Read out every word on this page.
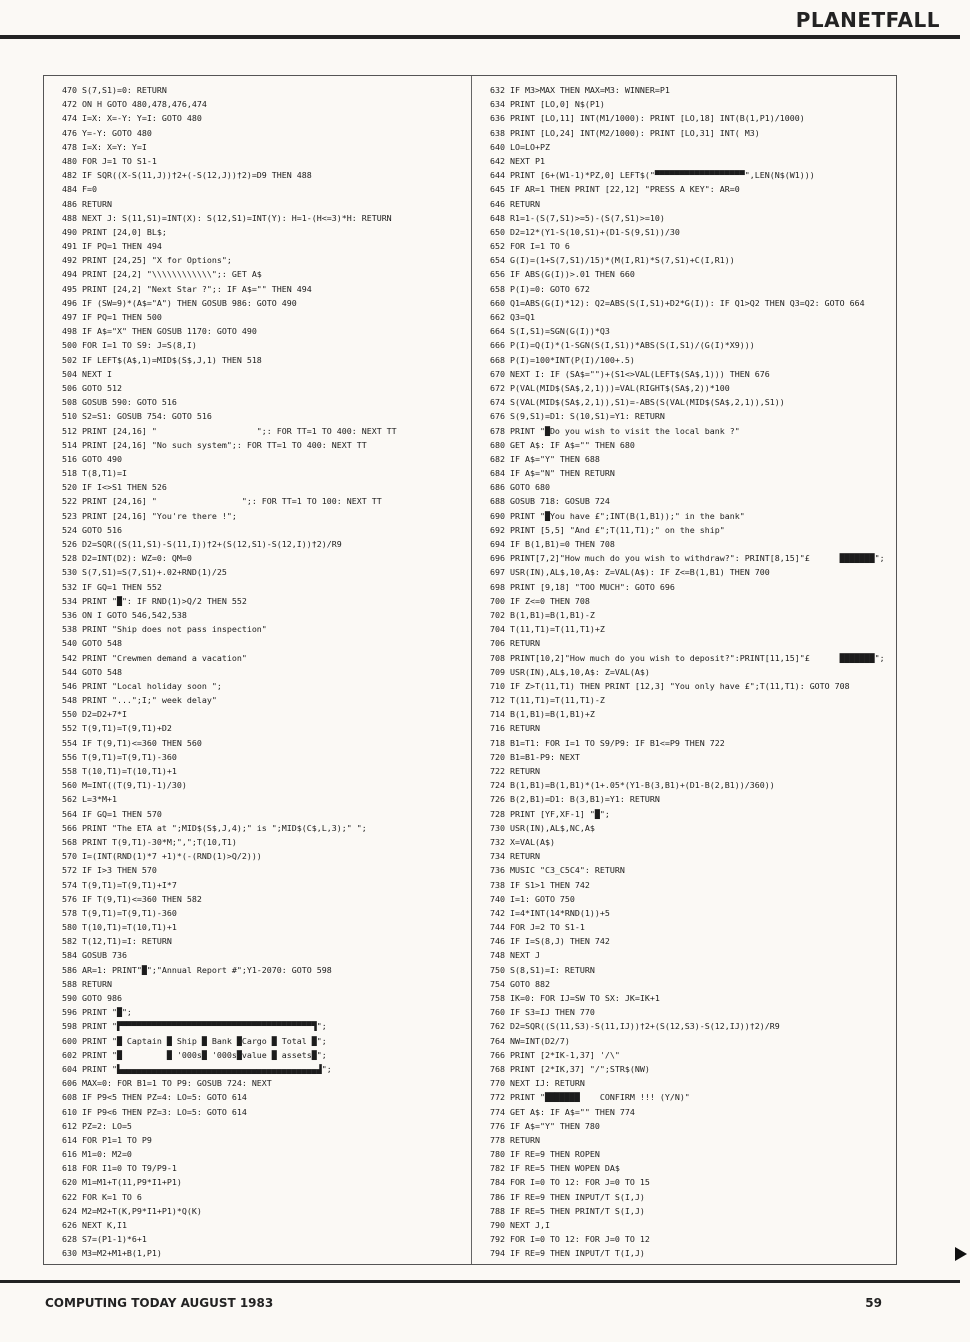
PLANETFALL
470 S(7,S1)=0: RETURN
472 ON H GOTO 480,478,476,474
474 I=X: X=-Y: Y=I: GOTO 480
476 Y=-Y: GOTO 480
478 I=X: X=Y: Y=I
480 FOR J=1 TO S1-1
482 IF SQR((X-S(11,J))†2+(-S(12,J))†2)=D9 THEN 488
484 F=0
486 RETURN
488 NEXT J: S(11,S1)=INT(X): S(12,S1)=INT(Y): H=1-(H<=3)*H: RETURN
490 PRINT [24,0] BL$;
491 IF PQ=1 THEN 494
492 PRINT [24,25] "X for Options";
494 PRINT [24,2] "\\\\\\\\\\\\";: GET A$
495 PRINT [24,2] "Next Star ?";: IF A$="" THEN 494
496 IF (SW=9)*(A$="A") THEN GOSUB 986: GOTO 490
497 IF PQ=1 THEN 500
498 IF A$="X" THEN GOSUB 1170: GOTO 490
500 FOR I=1 TO S9: J=S(8,I)
502 IF LEFT$(A$,1)=MID$(S$,J,1) THEN 518
504 NEXT I
506 GOTO 512
508 GOSUB 590: GOTO 516
510 S2=S1: GOSUB 754: GOTO 516
512 PRINT [24,16] "                    ";: FOR TT=1 TO 400: NEXT TT
514 PRINT [24,16] "No such system";: FOR TT=1 TO 400: NEXT TT
516 GOTO 490
518 T(8,T1)=I
520 IF I<>S1 THEN 526
522 PRINT [24,16] "                 ";: FOR TT=1 TO 100: NEXT TT
523 PRINT [24,16] "You're there !";
524 GOTO 516
526 D2=SQR((S(11,S1)-S(11,I))†2+(S(12,S1)-S(12,I))†2)/R9
528 D2=INT(D2): WZ=0: QM=0
530 S(7,S1)=S(7,S1)+.02+RND(1)/25
532 IF GQ=1 THEN 552
534 PRINT "█": IF RND(1)>Q/2 THEN 552
536 ON I GOTO 546,542,538
538 PRINT "Ship does not pass inspection"
540 GOTO 548
542 PRINT "Crewmen demand a vacation"
544 GOTO 548
546 PRINT "Local holiday soon ";
548 PRINT "...";I;" week delay"
550 D2=D2+7*I
552 T(9,T1)=T(9,T1)+D2
554 IF T(9,T1)<=360 THEN 560
556 T(9,T1)=T(9,T1)-360
558 T(10,T1)=T(10,T1)+1
560 M=INT((T(9,T1)-1)/30)
562 L=3*M+1
564 IF GQ=1 THEN 570
566 PRINT "The ETA at ";MID$(S$,J,4);" is ";MID$(C$,L,3);" ";
568 PRINT T(9,T1)-30*M;",";T(10,T1)
570 I=(INT(RND(1)*7 +1)*(-(RND(1)>Q/2)))
572 IF I>3 THEN 570
574 T(9,T1)=T(9,T1)+I*7
576 IF T(9,T1)<=360 THEN 582
578 T(9,T1)=T(9,T1)-360
580 T(10,T1)=T(10,T1)+1
582 T(12,T1)=I: RETURN
584 GOSUB 736
586 AR=1: PRINT"█";"Annual Report #";Y1-2070: GOTO 598
588 RETURN
590 GOTO 986
596 PRINT "█";
598 PRINT "▛▀▀▀▀▀▀▀▀▀▀▀▀▀▀▀▀▀▀▀▀▀▀▀▀▀▀▀▀▀▀▀▀▀▀▀▀▀▀▜";
600 PRINT "█ Captain █ Ship █ Bank █Cargo █ Total █";
602 PRINT "█         █ '000s█ '000s█value █ assets█";
604 PRINT "▙▄▄▄▄▄▄▄▄▄▄▄▄▄▄▄▄▄▄▄▄▄▄▄▄▄▄▄▄▄▄▄▄▄▄▄▄▄▄▄▟";
606 MAX=0: FOR B1=1 TO P9: GOSUB 724: NEXT
608 IF P9<5 THEN PZ=4: LO=5: GOTO 614
610 IF P9<6 THEN PZ=3: LO=5: GOTO 614
612 PZ=2: LO=5
614 FOR P1=1 TO P9
616 M1=0: M2=0
618 FOR I1=0 TO T9/P9-1
620 M1=M1+T(11,P9*I1+P1)
622 FOR K=1 TO 6
624 M2=M2+T(K,P9*I1+P1)*Q(K)
626 NEXT K,I1
628 S7=(P1-1)*6+1
630 M3=M2+M1+B(1,P1)
632 IF M3>MAX THEN MAX=M3: WINNER=P1
634 PRINT [LO,0] N$(P1)
636 PRINT [LO,11] INT(M1/1000): PRINT [LO,18] INT(B(1,P1)/1000)
638 PRINT [LO,24] INT(M2/1000): PRINT [LO,31] INT( M3)
640 LO=LO+PZ
642 NEXT P1
644 PRINT [6+(W1-1)*PZ,0] LEFT$("▀▀▀▀▀▀▀▀▀▀▀▀▀▀▀▀▀▀",LEN(N$(W1)))
645 IF AR=1 THEN PRINT [22,12] "PRESS A KEY": AR=0
646 RETURN
648 R1=1-(S(7,S1)>=5)-(S(7,S1)>=10)
650 D2=12*(Y1-S(10,S1)+(D1-S(9,S1))/30
652 FOR I=1 TO 6
654 G(I)=(1+S(7,S1)/15)*(M(I,R1)*S(7,S1)+C(I,R1))
656 IF ABS(G(I))>.01 THEN 660
658 P(I)=0: GOTO 672
660 Q1=ABS(G(I)*12): Q2=ABS(S(I,S1)+D2*G(I)): IF Q1>Q2 THEN Q3=Q2: GOTO 664
662 Q3=Q1
664 S(I,S1)=SGN(G(I))*Q3
666 P(I)=Q(I)*(1-SGN(S(I,S1))*ABS(S(I,S1)/(G(I)*X9)))
668 P(I)=100*INT(P(I)/100+.5)
670 NEXT I: IF (SA$="")+(S1<>VAL(LEFT$(SA$,1))) THEN 676
672 P(VAL(MID$(SA$,2,1)))=VAL(RIGHT$(SA$,2))*100
674 S(VAL(MID$(SA$,2,1)),S1)=-ABS(S(VAL(MID$(SA$,2,1)),S1))
676 S(9,S1)=D1: S(10,S1)=Y1: RETURN
678 PRINT "█Do you wish to visit the local bank ?"
680 GET A$: IF A$="" THEN 680
682 IF A$="Y" THEN 688
684 IF A$="N" THEN RETURN
686 GOTO 680
688 GOSUB 718: GOSUB 724
690 PRINT "█You have £";INT(B(1,B1));" in the bank"
692 PRINT [5,5] "And £";T(11,T1);" on the ship"
694 IF B(1,B1)=0 THEN 708
696 PRINT[7,2]"How much do you wish to withdraw?": PRINT[8,15]"£      ███████";
697 USR(IN),AL$,10,A$: Z=VAL(A$): IF Z<=B(1,B1) THEN 700
698 PRINT [9,18] "TOO MUCH": GOTO 696
700 IF Z<=0 THEN 708
702 B(1,B1)=B(1,B1)-Z
704 T(11,T1)=T(11,T1)+Z
706 RETURN
708 PRINT[10,2]"How much do you wish to deposit?":PRINT[11,15]"£      ███████";
709 USR(IN),AL$,10,A$: Z=VAL(A$)
710 IF Z>T(11,T1) THEN PRINT [12,3] "You only have £";T(11,T1): GOTO 708
712 T(11,T1)=T(11,T1)-Z
714 B(1,B1)=B(1,B1)+Z
716 RETURN
718 B1=T1: FOR I=1 TO S9/P9: IF B1<=P9 THEN 722
720 B1=B1-P9: NEXT
722 RETURN
724 B(1,B1)=B(1,B1)*(1+.05*(Y1-B(3,B1)+(D1-B(2,B1))/360))
726 B(2,B1)=D1: B(3,B1)=Y1: RETURN
728 PRINT [YF,XF-1] "█";
730 USR(IN),AL$,NC,A$
732 X=VAL(A$)
734 RETURN
736 MUSIC "C3_C5C4": RETURN
738 IF S1>1 THEN 742
740 I=1: GOTO 750
742 I=4*INT(14*RND(1))+5
744 FOR J=2 TO S1-1
746 IF I=S(8,J) THEN 742
748 NEXT J
750 S(8,S1)=I: RETURN
754 GOTO 882
758 IK=0: FOR IJ=SW TO SX: JK=IK+1
760 IF S3=IJ THEN 770
762 D2=SQR((S(11,S3)-S(11,IJ))†2+(S(12,S3)-S(12,IJ))†2)/R9
764 NW=INT(D2/7)
766 PRINT [2*IK-1,37] '/\"
768 PRINT [2*IK,37] "/";STR$(NW)
770 NEXT IJ: RETURN
772 PRINT "███████    CONFIRM !!! (Y/N)"
774 GET A$: IF A$="" THEN 774
776 IF A$="Y" THEN 780
778 RETURN
780 IF RE=9 THEN ROPEN
782 IF RE=5 THEN WOPEN DA$
784 FOR I=0 TO 12: FOR J=0 TO 15
786 IF RE=9 THEN INPUT/T S(I,J)
788 IF RE=5 THEN PRINT/T S(I,J)
790 NEXT J,I
792 FOR I=0 TO 12: FOR J=0 TO 12
794 IF RE=9 THEN INPUT/T T(I,J)
COMPUTING TODAY AUGUST 1983	59
